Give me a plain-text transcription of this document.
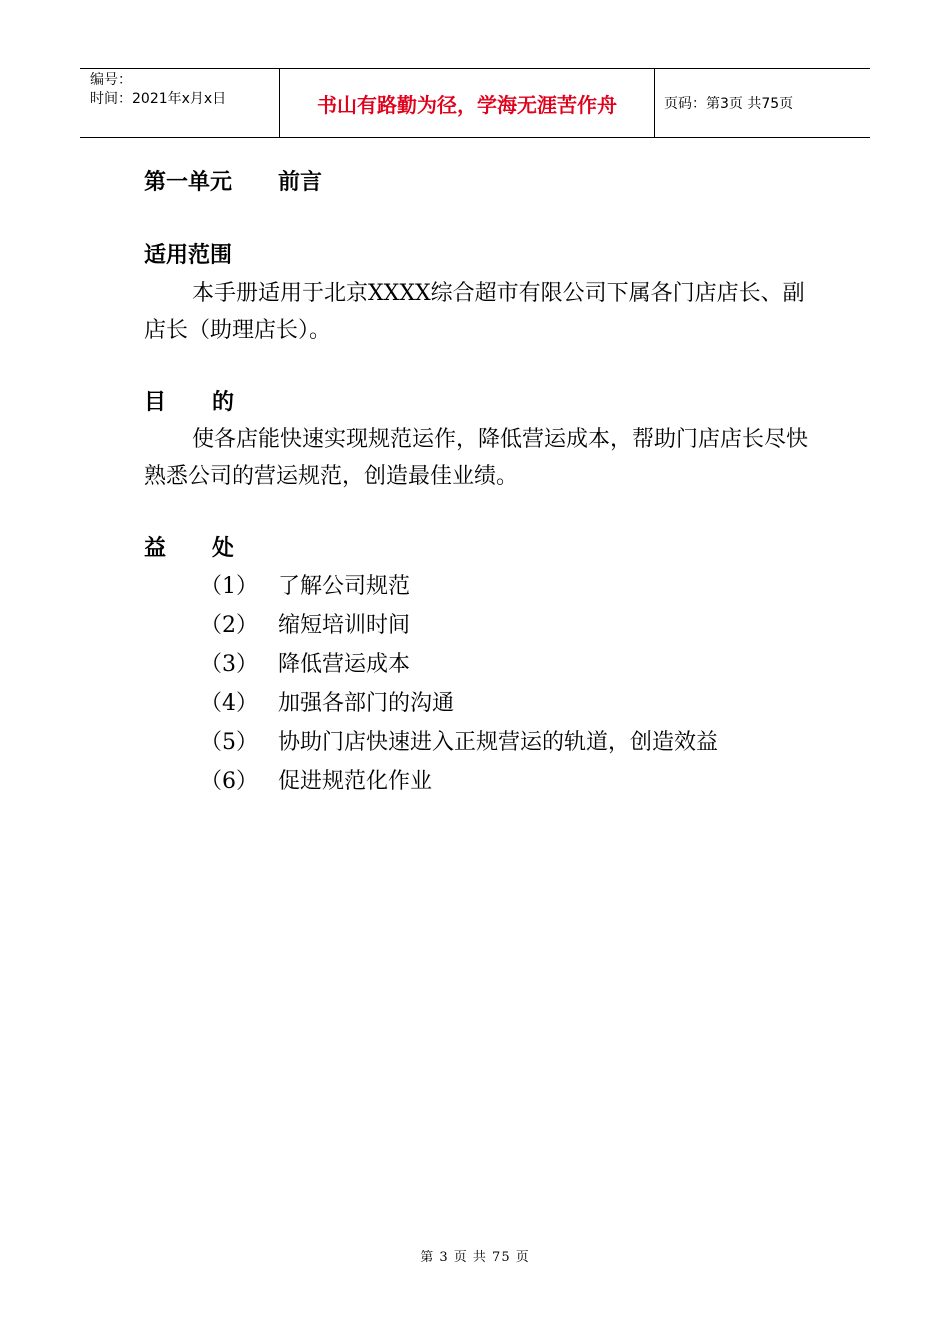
编号：
时间：2021年x月x日	书山有路勤为径，学海无涯苦作舟	页码：第3页 共75页
第一单元      前言
适用范围
本手册适用于北京XXXX综合超市有限公司下属各门店店长、副店长（助理店长）。
目      的
使各店能快速实现规范运作，降低营运成本，帮助门店店长尽快熟悉公司的营运规范，创造最佳业绩。
益      处
（1） 了解公司规范
（2） 缩短培训时间
（3） 降低营运成本
（4） 加强各部门的沟通
（5） 协助门店快速进入正规营运的轨道，创造效益
（6） 促进规范化作业
第 3 页 共 75 页
